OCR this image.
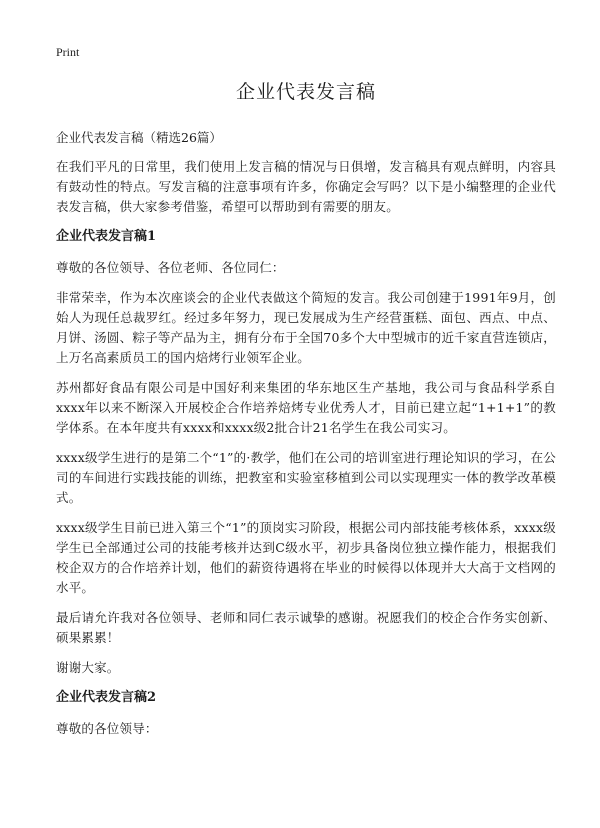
Print
企业代表发言稿

企业代表发言稿（精选26篇）

在我们平凡的日常里，我们使用上发言稿的情况与日俱增，发言稿具有观点鲜明，内容具有鼓动性的特点。写发言稿的注意事项有许多，你确定会写吗？以下是小编整理的企业代表发言稿，供大家参考借鉴，希望可以帮助到有需要的朋友。

企业代表发言稿1

尊敬的各位领导、各位老师、各位同仁：

非常荣幸，作为本次座谈会的企业代表做这个简短的发言。我公司创建于1991年9月，创始人为现任总裁罗红。经过多年努力，现已发展成为生产经营蛋糕、面包、西点、中点、月饼、汤圆、粽子等产品为主，拥有分布于全国70多个大中型城市的近千家直营连锁店，上万名高素质员工的国内焙烤行业领军企业。

苏州都好食品有限公司是中国好利来集团的华东地区生产基地，我公司与食品科学系自xxxx年以来不断深入开展校企合作培养焙烤专业优秀人才，目前已建立起“1+1+1”的教学体系。在本年度共有xxxx和xxxx级2批合计21名学生在我公司实习。

xxxx级学生进行的是第二个“1”的·教学，他们在公司的培训室进行理论知识的学习，在公司的车间进行实践技能的训练，把教室和实验室移植到公司以实现理实一体的教学改革模式。

xxxx级学生目前已进入第三个“1”的顶岗实习阶段，根据公司内部技能考核体系，xxxx级学生已全部通过公司的技能考核并达到C级水平，初步具备岗位独立操作能力，根据我们校企双方的合作培养计划，他们的薪资待遇将在毕业的时候得以体现并大大高于文档网的水平。

最后请允许我对各位领导、老师和同仁表示诚挚的感谢。祝愿我们的校企合作务实创新、硕果累累！

谢谢大家。

企业代表发言稿2

尊敬的各位领导：
